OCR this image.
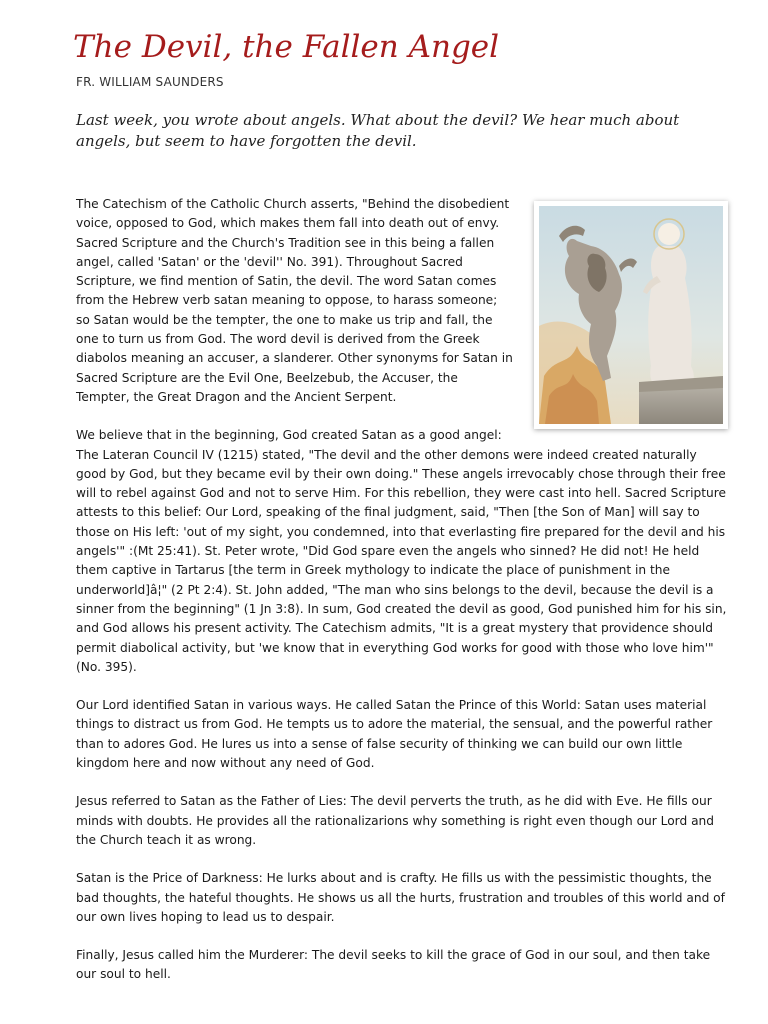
The Devil, the Fallen Angel
FR. WILLIAM SAUNDERS
Last week, you wrote about angels. What about the devil? We hear much about angels, but seem to have forgotten the devil.

The Catechism of the Catholic Church asserts, "Behind the disobedient voice, opposed to God, which makes them fall into death out of envy. Sacred Scripture and the Church's Tradition see in this being a fallen angel, called 'Satan' or the 'devil'' No. 391). Throughout Sacred Scripture, we find mention of Satin, the devil. The word Satan comes from the Hebrew verb satan meaning to oppose, to harass someone; so Satan would be the tempter, the one to make us trip and fall, the one to turn us from God. The word devil is derived from the Greek diabolos meaning an accuser, a slanderer. Other synonyms for Satan in Sacred Scripture are the Evil One, Beelzebub, the Accuser, the Tempter, the Great Dragon and the Ancient Serpent.

We believe that in the beginning, God created Satan as a good angel: The Lateran Council IV (1215) stated, "The devil and the other demons were indeed created naturally good by God, but they became evil by their own doing." These angels irrevocably chose through their free will to rebel against God and not to serve Him. For this rebellion, they were cast into hell. Sacred Scripture attests to this belief: Our Lord, speaking of the final judgment, said, "Then [the Son of Man] will say to those on His left: 'out of my sight, you condemned, into that everlasting fire prepared for the devil and his angels'" :(Mt 25:41). St. Peter wrote, "Did God spare even the angels who sinned? He did not! He held them captive in Tartarus [the term in Greek mythology to indicate the place of punishment in the underworld]â¦" (2 Pt 2:4). St. John added, "The man who sins belongs to the devil, because the devil is a sinner from the beginning" (1 Jn 3:8). In sum, God created the devil as good, God punished him for his sin, and God allows his present activity. The Catechism admits, "It is a great mystery that providence should permit diabolical activity, but 'we know that in everything God works for good with those who love him'" (No. 395).

Our Lord identified Satan in various ways. He called Satan the Prince of this World: Satan uses material things to distract us from God. He tempts us to adore the material, the sensual, and the powerful rather than to adores God. He lures us into a sense of false security of thinking we can build our own little kingdom here and now without any need of God.

Jesus referred to Satan as the Father of Lies: The devil perverts the truth, as he did with Eve. He fills our minds with doubts. He provides all the rationalizarions why something is right even though our Lord and the Church teach it as wrong.

Satan is the Price of Darkness: He lurks about and is crafty. He fills us with the pessimistic thoughts, the bad thoughts, the hateful thoughts. He shows us all the hurts, frustration and troubles of this world and of our own lives hoping to lead us to despair.

Finally, Jesus called him the Murderer: The devil seeks to kill the grace of God in our soul, and then take our soul to hell.
